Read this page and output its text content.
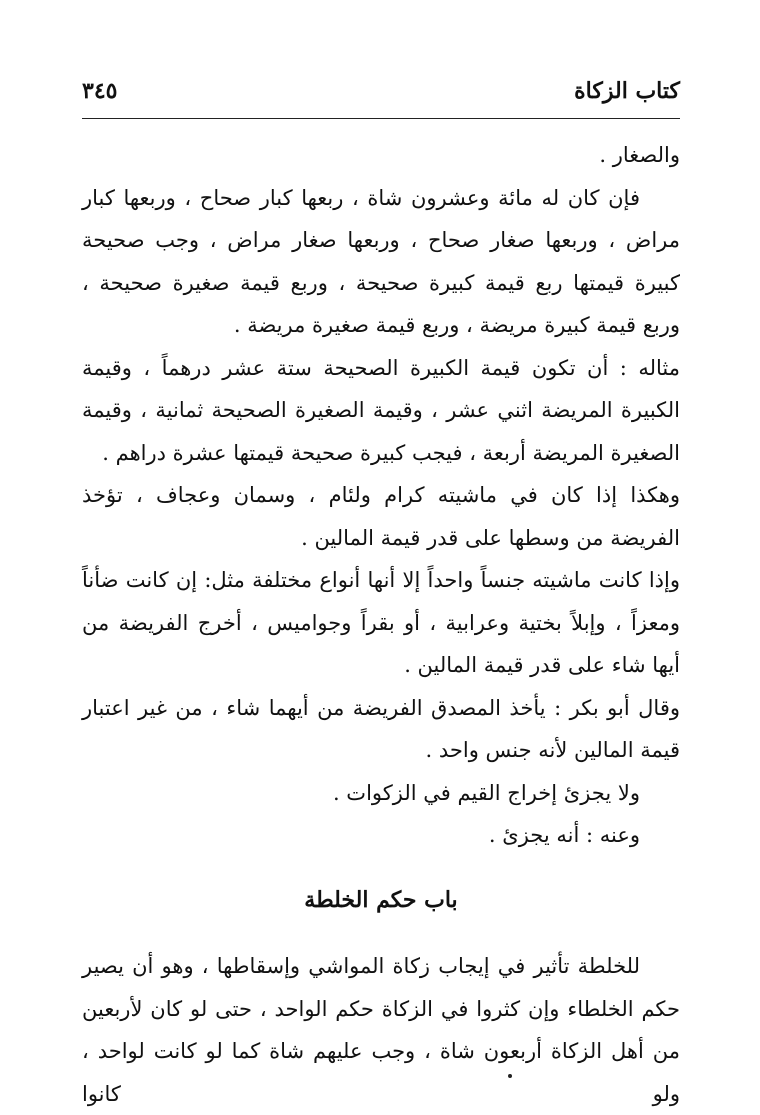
كتاب الزكاة
٣٤٥

والصغار .

فإن كان له مائة وعشرون شاة ، ربعها كبار صحاح ، وربعها كبار مراض ، وربعها صغار صحاح ، وربعها صغار مراض ، وجب صحيحة كبيرة قيمتها ربع قيمة كبيرة صحيحة ، وربع قيمة صغيرة صحيحة ، وربع قيمة كبيرة مريضة ، وربع قيمة صغيرة مريضة .

مثاله : أن تكون قيمة الكبيرة الصحيحة ستة عشر درهماً ، وقيمة الكبيرة المريضة اثني عشر ، وقيمة الصغيرة الصحيحة ثمانية ، وقيمة الصغيرة المريضة أربعة ، فيجب كبيرة صحيحة قيمتها عشرة دراهم .

وهكذا إذا كان في ماشيته كرام ولئام ، وسمان وعجاف ، تؤخذ الفريضة من وسطها على قدر قيمة المالين .

وإذا كانت ماشيته جنساً واحداً إلا أنها أنواع مختلفة مثل: إن كانت ضأناً ومعزاً ، وإبلاً بختية وعرابية ، أو بقراً وجواميس ، أخرج الفريضة من أيها شاء على قدر قيمة المالين .

وقال أبو بكر : يأخذ المصدق الفريضة من أيهما شاء ، من غير اعتبار قيمة المالين لأنه جنس واحد .

ولا يجزئ إخراج القيم في الزكوات .

وعنه : أنه يجزئ .

باب حكم الخلطة

للخلطة تأثير في إيجاب زكاة المواشي وإسقاطها ، وهو أن يصير حكم الخلطاء وإن كثروا في الزكاة حكم الواحد ، حتى لو كان لأربعين من أهل الزكاة أربعون شاة ، وجب عليهم شاة كما لو كانت لواحد ، ولو كانوا
